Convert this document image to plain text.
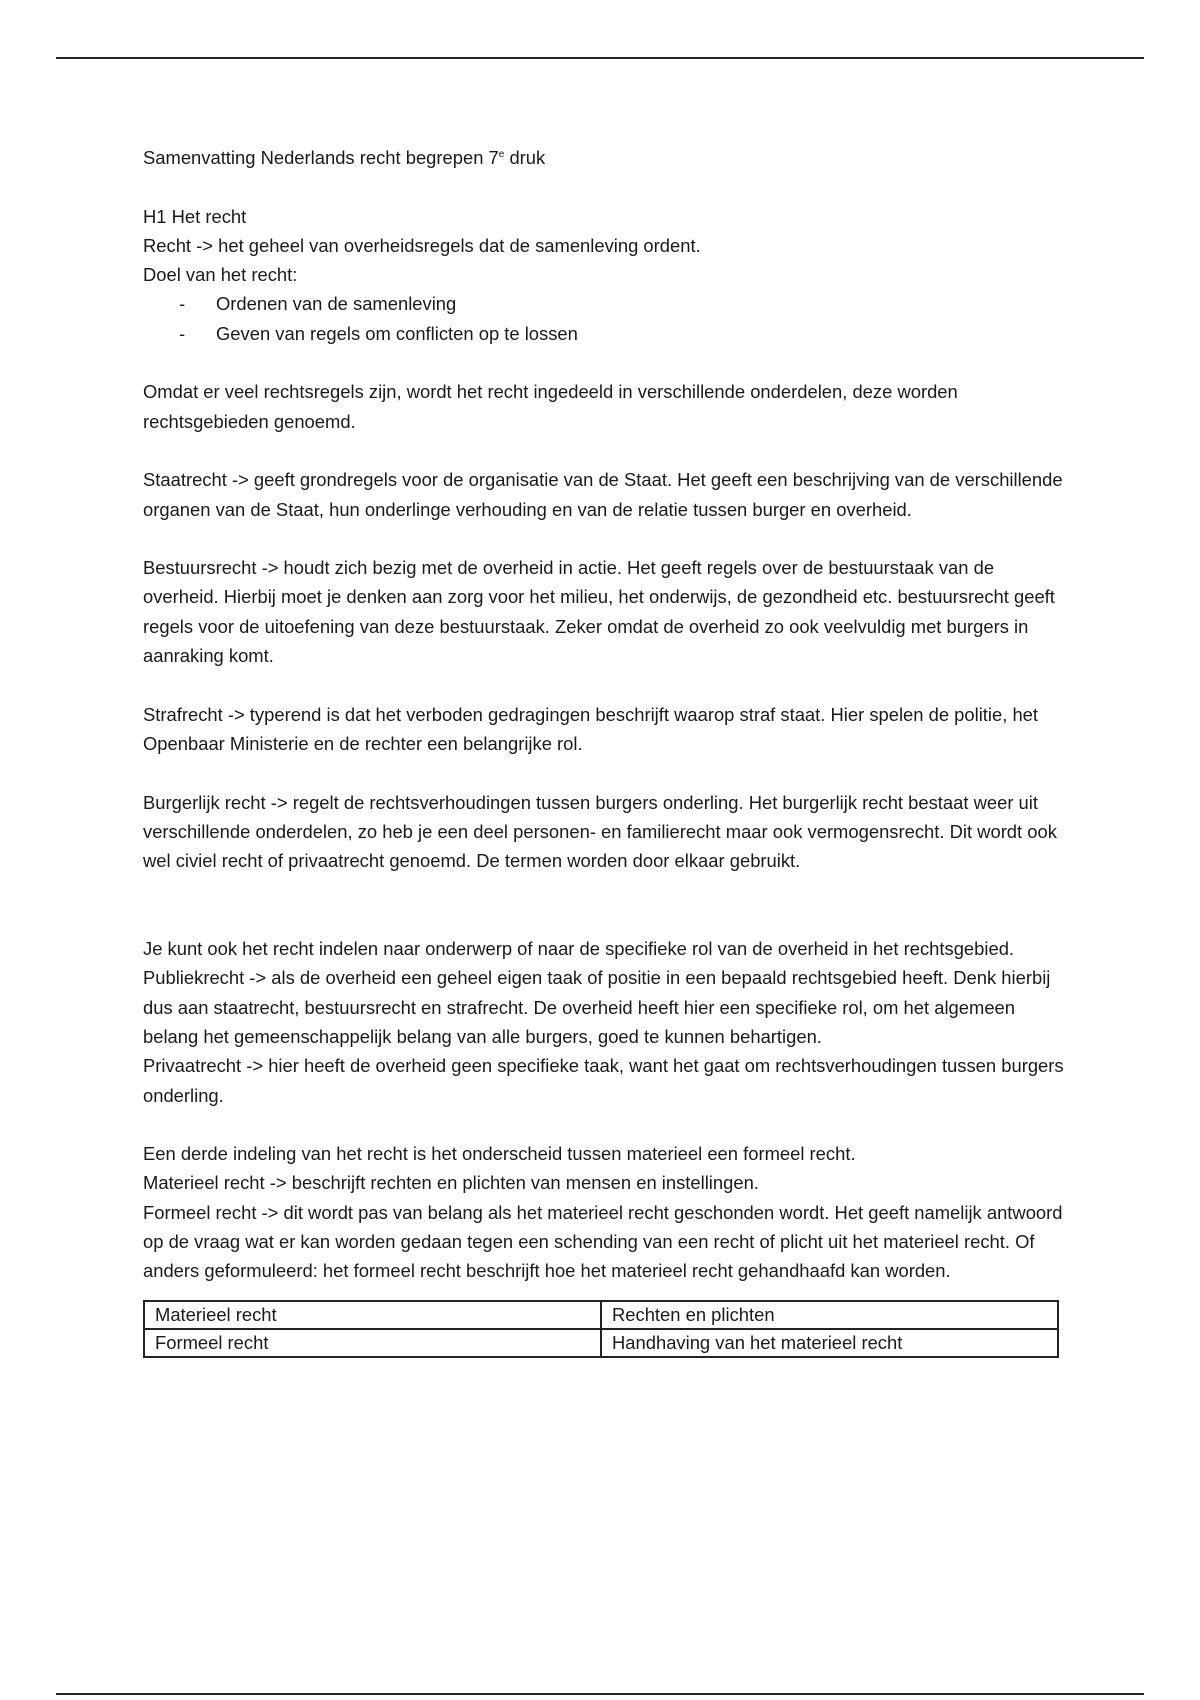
Samenvatting Nederlands recht begrepen 7e druk

H1 Het recht

Recht -> het geheel van overheidsregels dat de samenleving ordent.

Doel van het recht:

- Ordenen van de samenleving
- Geven van regels om conflicten op te lossen

Omdat er veel rechtsregels zijn, wordt het recht ingedeeld in verschillende onderdelen, deze worden rechtsgebieden genoemd.

Staatrecht -> geeft grondregels voor de organisatie van de Staat. Het geeft een beschrijving van de verschillende organen van de Staat, hun onderlinge verhouding en van de relatie tussen burger en overheid.

Bestuursrecht -> houdt zich bezig met de overheid in actie. Het geeft regels over de bestuurstaak van de overheid. Hierbij moet je denken aan zorg voor het milieu, het onderwijs, de gezondheid etc. bestuursrecht geeft regels voor de uitoefening van deze bestuurstaak. Zeker omdat de overheid zo ook veelvuldig met burgers in aanraking komt.

Strafrecht -> typerend is dat het verboden gedragingen beschrijft waarop straf staat. Hier spelen de politie, het Openbaar Ministerie en de rechter een belangrijke rol.

Burgerlijk recht -> regelt de rechtsverhoudingen tussen burgers onderling. Het burgerlijk recht bestaat weer uit verschillende onderdelen, zo heb je een deel personen- en familierecht maar ook vermogensrecht. Dit wordt ook wel civiel recht of privaatrecht genoemd. De termen worden door elkaar gebruikt.

Je kunt ook het recht indelen naar onderwerp of naar de specifieke rol van de overheid in het rechtsgebied.

Publiekrecht -> als de overheid een geheel eigen taak of positie in een bepaald rechtsgebied heeft. Denk hierbij dus aan staatrecht, bestuursrecht en strafrecht. De overheid heeft hier een specifieke rol, om het algemeen belang het gemeenschappelijk belang van alle burgers, goed te kunnen behartigen.

Privaatrecht -> hier heeft de overheid geen specifieke taak, want het gaat om rechtsverhoudingen tussen burgers onderling.

Een derde indeling van het recht is het onderscheid tussen materieel een formeel recht.

Materieel recht -> beschrijft rechten en plichten van mensen en instellingen.

Formeel recht -> dit wordt pas van belang als het materieel recht geschonden wordt. Het geeft namelijk antwoord op de vraag wat er kan worden gedaan tegen een schending van een recht of plicht uit het materieel recht. Of anders geformuleerd: het formeel recht beschrijft hoe het materieel recht gehandhaafd kan worden.

Materieel recht	Rechten en plichten
Formeel recht	Handhaving van het materieel recht
